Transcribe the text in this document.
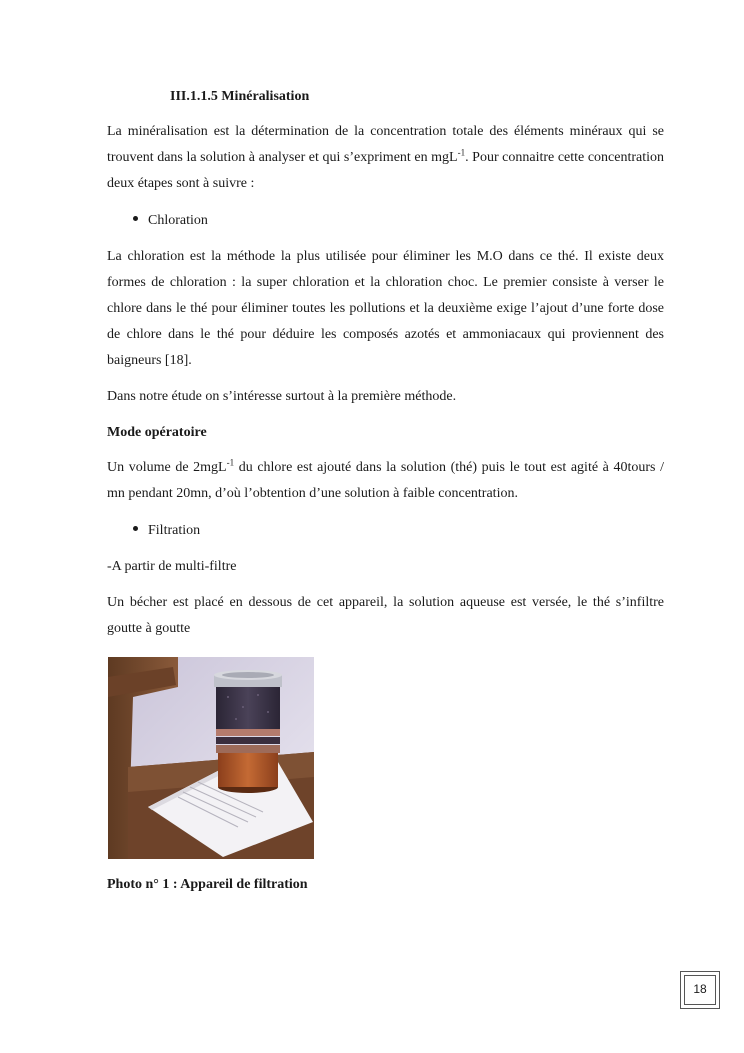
III.1.1.5 Minéralisation

La minéralisation est la détermination de la concentration totale des éléments minéraux qui se trouvent dans la solution à analyser et qui s’expriment en mgL$^{-1}$. Pour connaitre cette concentration deux étapes sont à suivre :

Chloration

La chloration est la méthode la plus utilisée pour éliminer les M.O dans ce thé. Il existe deux formes de chloration : la super chloration et la chloration choc. Le premier consiste à verser le chlore dans le thé pour éliminer toutes les pollutions et la deuxième exige l’ajout d’une forte dose de chlore dans le thé pour déduire les composés azotés et ammoniacaux qui proviennent des baigneurs [18].

Dans notre étude on s’intéresse surtout à la première méthode.

Mode opératoire

Un volume de 2mgL$^{-1}$ du chlore est ajouté dans la solution (thé) puis le tout est agité à 40tours / mn pendant 20mn, d’où l’obtention d’une solution à faible concentration.

Filtration

-A partir de multi-filtre

Un bécher est placé en dessous de cet appareil, la solution aqueuse est versée, le thé s’infiltre goutte à goutte

Photo n° 1 : Appareil de filtration
18
